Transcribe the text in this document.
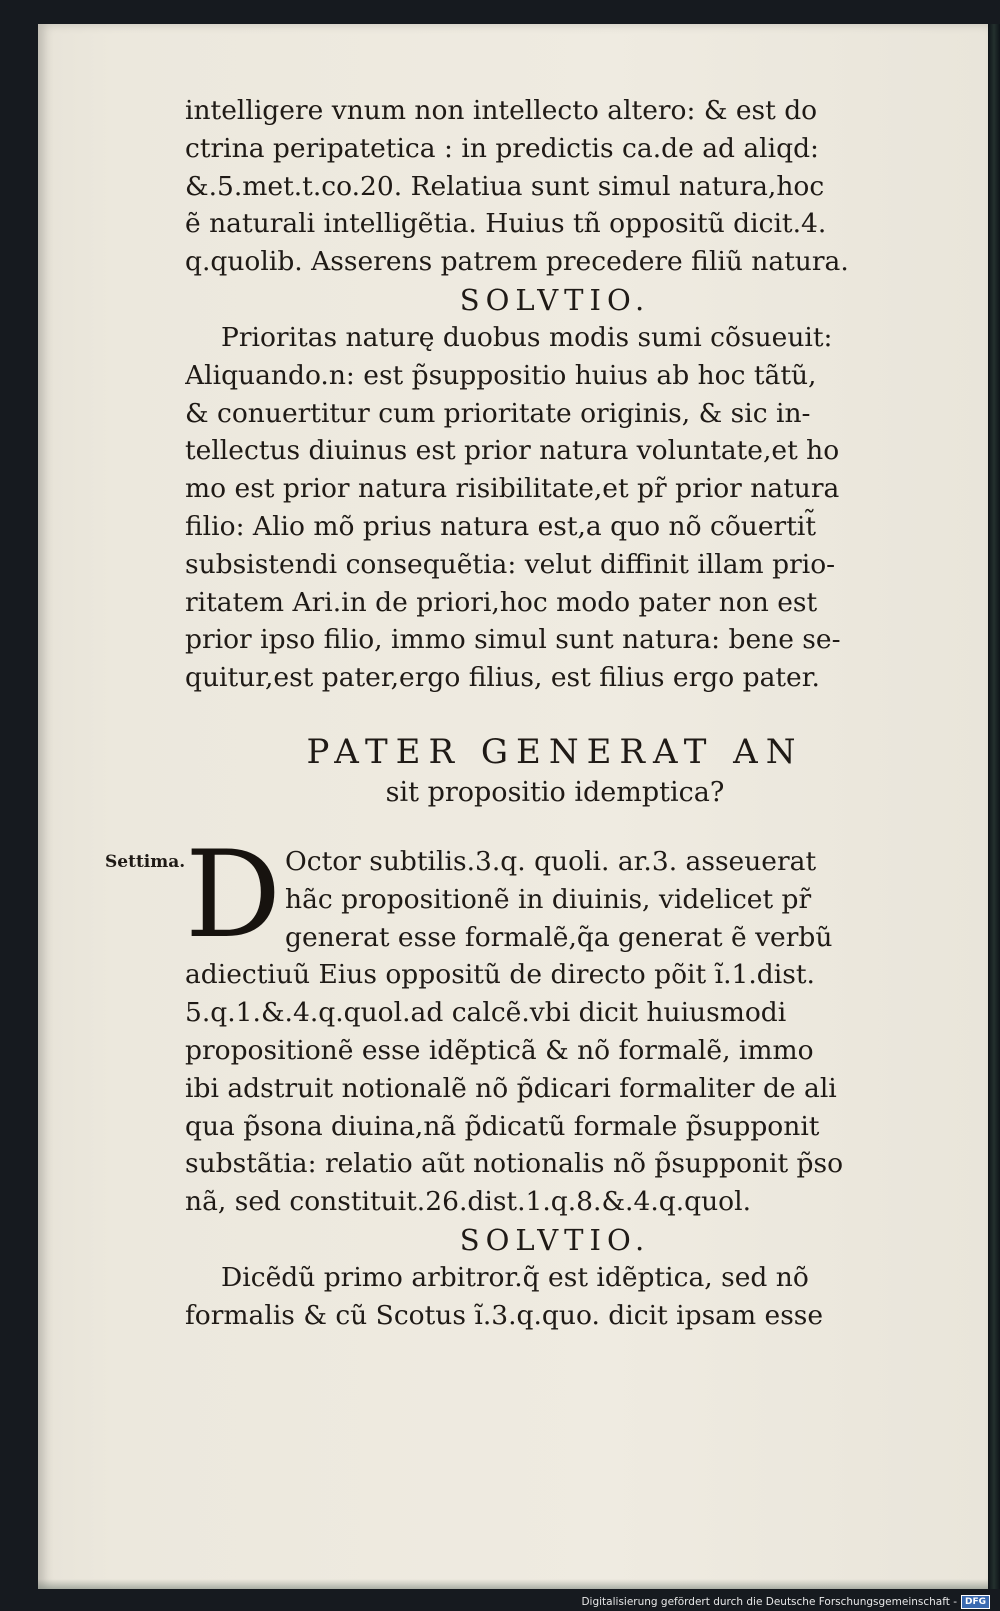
Settima.
intelligere vnum non intellecto altero: & est do
ctrina peripatetica : in predictis ca.de ad aliqd:
&.5.met.t.co.20. Relatiua sunt simul natura,hoc
ẽ naturali intelligẽtia. Huius tñ oppositũ dicit.4.
q.quolib. Asserens patrem precedere filiũ natura.
SOLVTIO.
Prioritas naturę duobus modis sumi cõsueuit:
Aliquando.n: est p̃suppositio huius ab hoc tãtũ,
& conuertitur cum prioritate originis, & sic in-
tellectus diuinus est prior natura voluntate,et ho
mo est prior natura risibilitate,et pr̃ prior natura
filio: Alio mõ prius natura est,a quo nõ cõuertit̃
subsistendi consequẽtia: velut diffinit illam prio-
ritatem Ari.in de priori,hoc modo pater non est
prior ipso filio, immo simul sunt natura: bene se-
quitur,est pater,ergo filius, est filius ergo pater.
PATER GENERAT AN
sit propositio idemptica?
D Octor subtilis.3.q. quoli. ar.3. asseuerat
hãc propositionẽ in diuinis, videlicet pr̃
generat esse formalẽ,q̃a generat ẽ verbũ
adiectiuũ Eius oppositũ de directo põit ĩ.1.dist.
5.q.1.&.4.q.quol.ad calcẽ.vbi dicit huiusmodi
propositionẽ esse idẽpticã & nõ formalẽ, immo
ibi adstruit notionalẽ nõ p̃dicari formaliter de ali
qua p̃sona diuina,nã p̃dicatũ formale p̃supponit
substãtia: relatio aũt notionalis nõ p̃supponit p̃so
nã, sed constituit.26.dist.1.q.8.&.4.q.quol.
SOLVTIO.
Dicẽdũ primo arbitror.q̃ est idẽptica, sed nõ
formalis & cũ Scotus ĩ.3.q.quo. dicit ipsam esse
Digitalisierung gefördert durch die Deutsche Forschungsgemeinschaft - DFG
